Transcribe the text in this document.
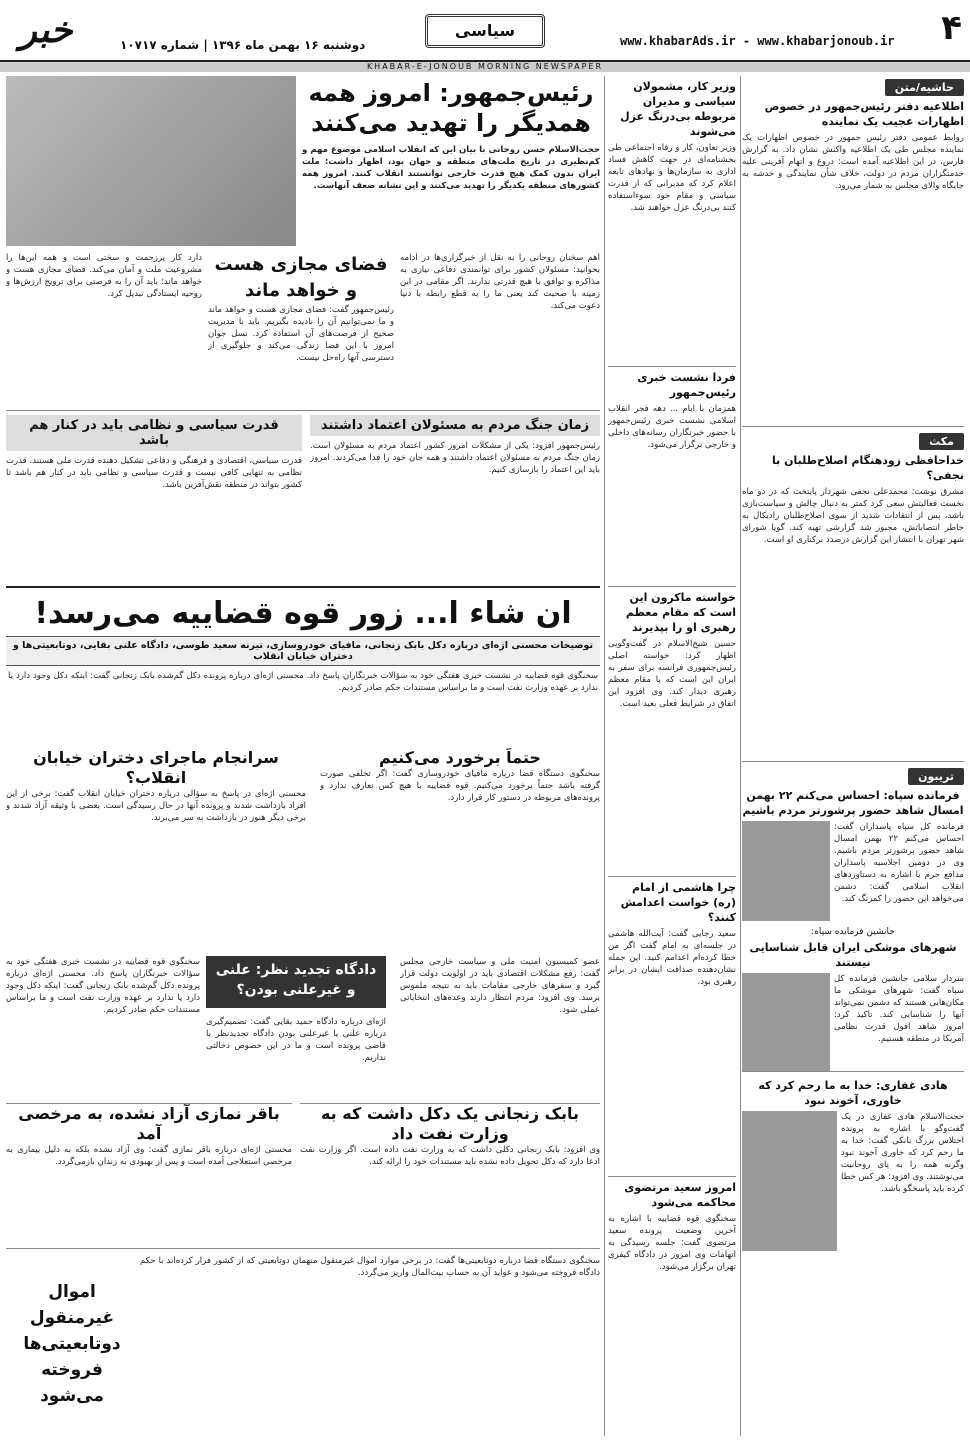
۴
www.khabarAds.ir - www.khabarjonoub.ir
سیاسی
دوشنبه ۱۶ بهمن ماه ۱۳۹۶ | شماره ۱۰۷۱۷
خبر
KHABAR-E-JONOUB MORNING NEWSPAPER
حاشیه/متن
اطلاعیه دفتر رئیس‌جمهور در خصوص اظهارات عجیب یک نماینده
روابط عمومی دفتر رئیس جمهور در خصوص اظهارات یک نماینده مجلس طی یک اطلاعیه واکنش نشان داد. به گزارش فارس، در این اطلاعیه آمده است: دروغ و اتهام آفرینی علیه خدمتگزاران مردم در دولت، خلاف شأن نمایندگی و خدشه به جایگاه والای مجلس به شمار می‌رود.
مکث
خداحافظی زودهنگام اصلاح‌طلبان با نجفی؟
مشرق نوشت: محمدعلی نجفی شهردار پایتخت که در دو ماه نخست فعالیتش سعی کرد کمتر به دنبال چالش و سیاست‌بازی باشد، پس از انتقادات شدید از سوی اصلاح‌طلبان رادیکال به خاطر انتصاباتش، مجبور شد گزارشی تهیه کند. گویا شورای شهر تهران با انتشار این گزارش درصدد برکناری او است.
تریبون
فرمانده سپاه: احساس می‌کنم ۲۲ بهمن امسال شاهد حضور پرشورتر مردم باشیم
فرمانده کل سپاه پاسداران گفت: احساس می‌کنم ۲۲ بهمن امسال شاهد حضور پرشورتر مردم باشیم. وی در دومین اجلاسیه پاسداران مدافع حرم با اشاره به دستاوردهای انقلاب اسلامی گفت: دشمن می‌خواهد این حضور را کمرنگ کند.
جانشین فرمانده سپاه:
شهرهای موشکی ایران قابل شناسایی نیستند
سردار سلامی جانشین فرمانده کل سپاه گفت: شهرهای موشکی ما مکان‌هایی هستند که دشمن نمی‌تواند آنها را شناسایی کند. تاکید کرد: امروز شاهد افول قدرت نظامی آمریکا در منطقه هستیم.
هادی غفاری: خدا به ما رحم کرد که خاوری، آخوند نبود
حجت‌الاسلام هادی غفاری در یک گفت‌وگو با اشاره به پرونده اختلاس بزرگ بانکی گفت: خدا به ما رحم کرد که خاوری آخوند نبود وگرنه همه را به پای روحانیت می‌نوشتند. وی افزود: هر کس خطا کرده باید پاسخگو باشد.
وزیر کار، مشمولان سیاسی و مدیران مربوطه بی‌درنگ عزل می‌شوند
وزیر تعاون، کار و رفاه اجتماعی طی بخشنامه‌ای در جهت کاهش فساد اداری به سازمان‌ها و نهادهای تابعه اعلام کرد که مدیرانی که از قدرت سیاسی و مقام خود سوءاستفاده کنند بی‌درنگ عزل خواهند شد.
فردا نشست خبری رئیس‌جمهور
همزمان با ایام ... دهه فجر انقلاب اسلامی نشست خبری رئیس‌جمهور با حضور خبرنگاران رسانه‌های داخلی و خارجی برگزار می‌شود.
خواسته ماکرون این است که مقام معظم رهبری او را بپذیرند
حسین شیخ‌الاسلام در گفت‌وگویی اظهار کرد: خواسته اصلی رئیس‌جمهوری فرانسه برای سفر به ایران این است که با مقام معظم رهبری دیدار کند. وی افزود این اتفاق در شرایط فعلی بعید است.
چرا هاشمی از امام (ره) خواست اعدامش کنند؟
سعید رجایی گفت: آیت‌الله هاشمی در جلسه‌ای به امام گفت اگر من خطا کرده‌ام اعدامم کنید. این جمله نشان‌دهنده صداقت ایشان در برابر رهبری بود.
امروز سعید مرتضوی محاکمه می‌شود
سخنگوی قوه قضاییه با اشاره به آخرین وضعیت پرونده سعید مرتضوی گفت: جلسه رسیدگی به اتهامات وی امروز در دادگاه کیفری تهران برگزار می‌شود.
رئیس‌جمهور: امروز همه
همدیگر را تهدید می‌کنند
حجت‌الاسلام حسن روحانی با بیان این که انقلاب اسلامی موضوع مهم و کم‌نظیری در تاریخ ملت‌های منطقه و جهان بود، اظهار داشت: ملت ایران بدون کمک هیچ قدرت خارجی توانستند انقلاب کنند. امروز همه کشورهای منطقه یکدیگر را تهدید می‌کنند و این نشانه ضعف آنهاست.
اهم سخنان روحانی را به نقل از خبرگزاری‌ها در ادامه بخوانید: مسئولان کشور برای توانمندی دفاعی نیازی به مذاکره و توافق با هیچ قدرتی ندارند. اگر مقامی در این زمینه با صحبت کند یعنی ما را به قطع رابطه با دنیا دعوت می‌کند.
فضای مجازی هست و خواهد ماند
رئیس‌جمهور گفت: فضای مجازی هست و خواهد ماند و ما نمی‌توانیم آن را نادیده بگیریم. باید با مدیریت صحیح از فرصت‌های آن استفاده کرد. نسل جوان امروز با این فضا زندگی می‌کند و جلوگیری از دسترسی آنها راه‌حل نیست.
دارد کار پرزحمت و سختی است و همه این‌ها را مشروعیت ملت و آمان می‌کند. فضای مجازی هست و خواهد ماند؛ باید آن را به فرصتی برای ترویج ارزش‌ها و روحیه ایستادگی تبدیل کرد.
زمان جنگ مردم به مسئولان اعتماد داشتند
رئیس‌جمهور افزود: یکی از مشکلات امروز کشور اعتماد مردم به مسئولان است. زمان جنگ مردم به مسئولان اعتماد داشتند و همه جان خود را فدا می‌کردند. امروز باید این اعتماد را بازسازی کنیم.
قدرت سیاسی و نظامی باید در کنار هم باشد
قدرت سیاسی، اقتصادی و فرهنگی و دفاعی تشکیل دهنده قدرت ملی هستند. قدرت نظامی به تنهایی کافی نیست و قدرت سیاسی و نظامی باید در کنار هم باشد تا کشور بتواند در منطقه نقش‌آفرین باشد.
ان شاء ا... زور قوه قضاییه می‌رسد!
توضیحات محسنی اژه‌ای درباره دکل بابک زنجانی، مافیای خودروسازی، تیرنه سعید طوسی، دادگاه علنی بقایی، دوتابعیتی‌ها و دختران خیابان انقلاب
سخنگوی قوه قضاییه در نشست خبری هفتگی خود به سؤالات خبرنگاران پاسخ داد. محسنی اژه‌ای درباره پرونده دکل گم‌شده بابک زنجانی گفت: اینکه دکل وجود دارد یا ندارد بر عهده وزارت نفت است و ما براساس مستندات حکم صادر کردیم.
حتماً برخورد می‌کنیم
سخنگوی دستگاه قضا درباره مافیای خودروسازی گفت: اگر تخلفی صورت گرفته باشد حتماً برخورد می‌کنیم. قوه قضاییه با هیچ کس تعارف ندارد و پرونده‌های مربوطه در دستور کار قرار دارد.
سرانجام ماجرای دختران خیابان انقلاب؟
محسنی اژه‌ای در پاسخ به سؤالی درباره دختران خیابان انقلاب گفت: برخی از این افراد بازداشت شدند و پرونده آنها در حال رسیدگی است. بعضی با وثیقه آزاد شدند و برخی دیگر هنوز در بازداشت به سر می‌برند.
دادگاه تجدید نظر: علنی و غیرعلنی بودن؟
اژه‌ای درباره دادگاه حمید بقایی گفت: تصمیم‌گیری درباره علنی یا غیرعلنی بودن دادگاه تجدیدنظر با قاضی پرونده است و ما در این خصوص دخالتی نداریم.
عضو کمیسیون امنیت ملی و سیاست خارجی مجلس گفت: رفع مشکلات اقتصادی باید در اولویت دولت قرار گیرد و سفرهای خارجی مقامات باید به نتیجه ملموس برسد. وی افزود: مردم انتظار دارند وعده‌های انتخاباتی عملی شود.
سخنگوی قوه قضاییه در نشست خبری هفتگی خود به سؤالات خبرنگاران پاسخ داد. محسنی اژه‌ای درباره پرونده دکل گم‌شده بابک زنجانی گفت: اینکه دکل وجود دارد یا ندارد بر عهده وزارت نفت است و ما براساس مستندات حکم صادر کردیم.
بابک زنجانی یک دکل داشت که به وزارت نفت داد
وی افزود: بابک زنجانی دکلی داشت که به وزارت نفت داده است. اگر وزارت نفت ادعا دارد که دکل تحویل داده نشده باید مستندات خود را ارائه کند.
باقر نمازی آزاد نشده، به مرخصی آمد
محسنی اژه‌ای درباره باقر نمازی گفت: وی آزاد نشده بلکه به دلیل بیماری به مرخصی استعلاجی آمده است و پس از بهبودی به زندان بازمی‌گردد.
سخنگوی دستگاه قضا درباره دوتابعیتی‌ها گفت: در برخی موارد اموال غیرمنقول متهمان دوتابعیتی که از کشور فرار کرده‌اند با حکم دادگاه فروخته می‌شود و عواید آن به حساب بیت‌المال واریز می‌گردد.
اموال غیرمنقول دوتابعیتی‌ها فروخته می‌شود
